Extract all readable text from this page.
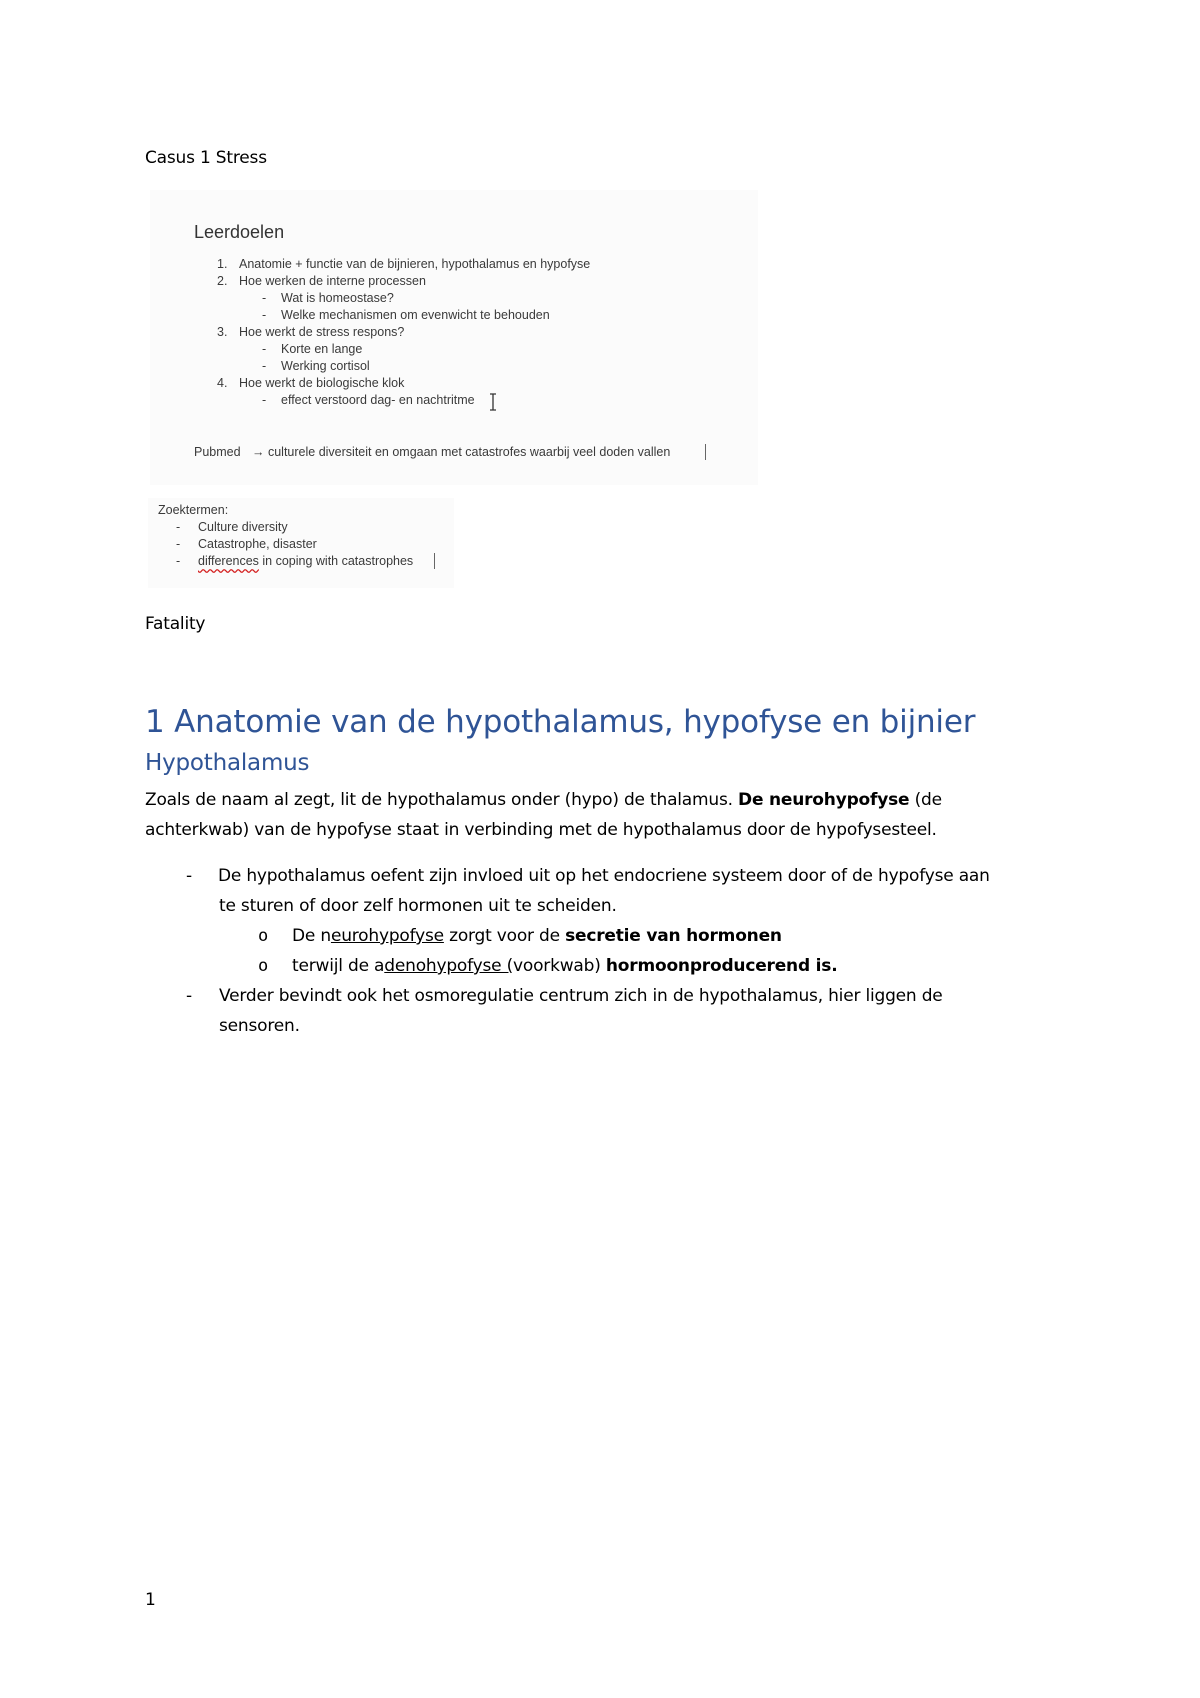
Casus 1 Stress
Leerdoelen
1. Anatomie + functie van de bijnieren, hypothalamus en hypofyse
2. Hoe werken de interne processen
- Wat is homeostase?
- Welke mechanismen om evenwicht te behouden
3. Hoe werkt de stress respons?
- Korte en lange
- Werking cortisol
4. Hoe werkt de biologische klok
- effect verstoord dag- en nachtritme
Pubmed → culturele diversiteit en omgaan met catastrofes waarbij veel doden vallen
Zoektermen:
- Culture diversity
- Catastrophe, disaster
- differences in coping with catastrophes
Fatality
1 Anatomie van de hypothalamus, hypofyse en bijnier
Hypothalamus
Zoals de naam al zegt, lit de hypothalamus onder (hypo) de thalamus. De neurohypofyse (de
achterkwab) van de hypofyse staat in verbinding met de hypothalamus door de hypofysesteel.
- De hypothalamus oefent zijn invloed uit op het endocriene systeem door of de hypofyse aan
te sturen of door zelf hormonen uit te scheiden.
o De neurohypofyse zorgt voor de secretie van hormonen
o terwijl de adenohypofyse (voorkwab) hormoonproducerend is.
- Verder bevindt ook het osmoregulatie centrum zich in de hypothalamus, hier liggen de
sensoren.
1
